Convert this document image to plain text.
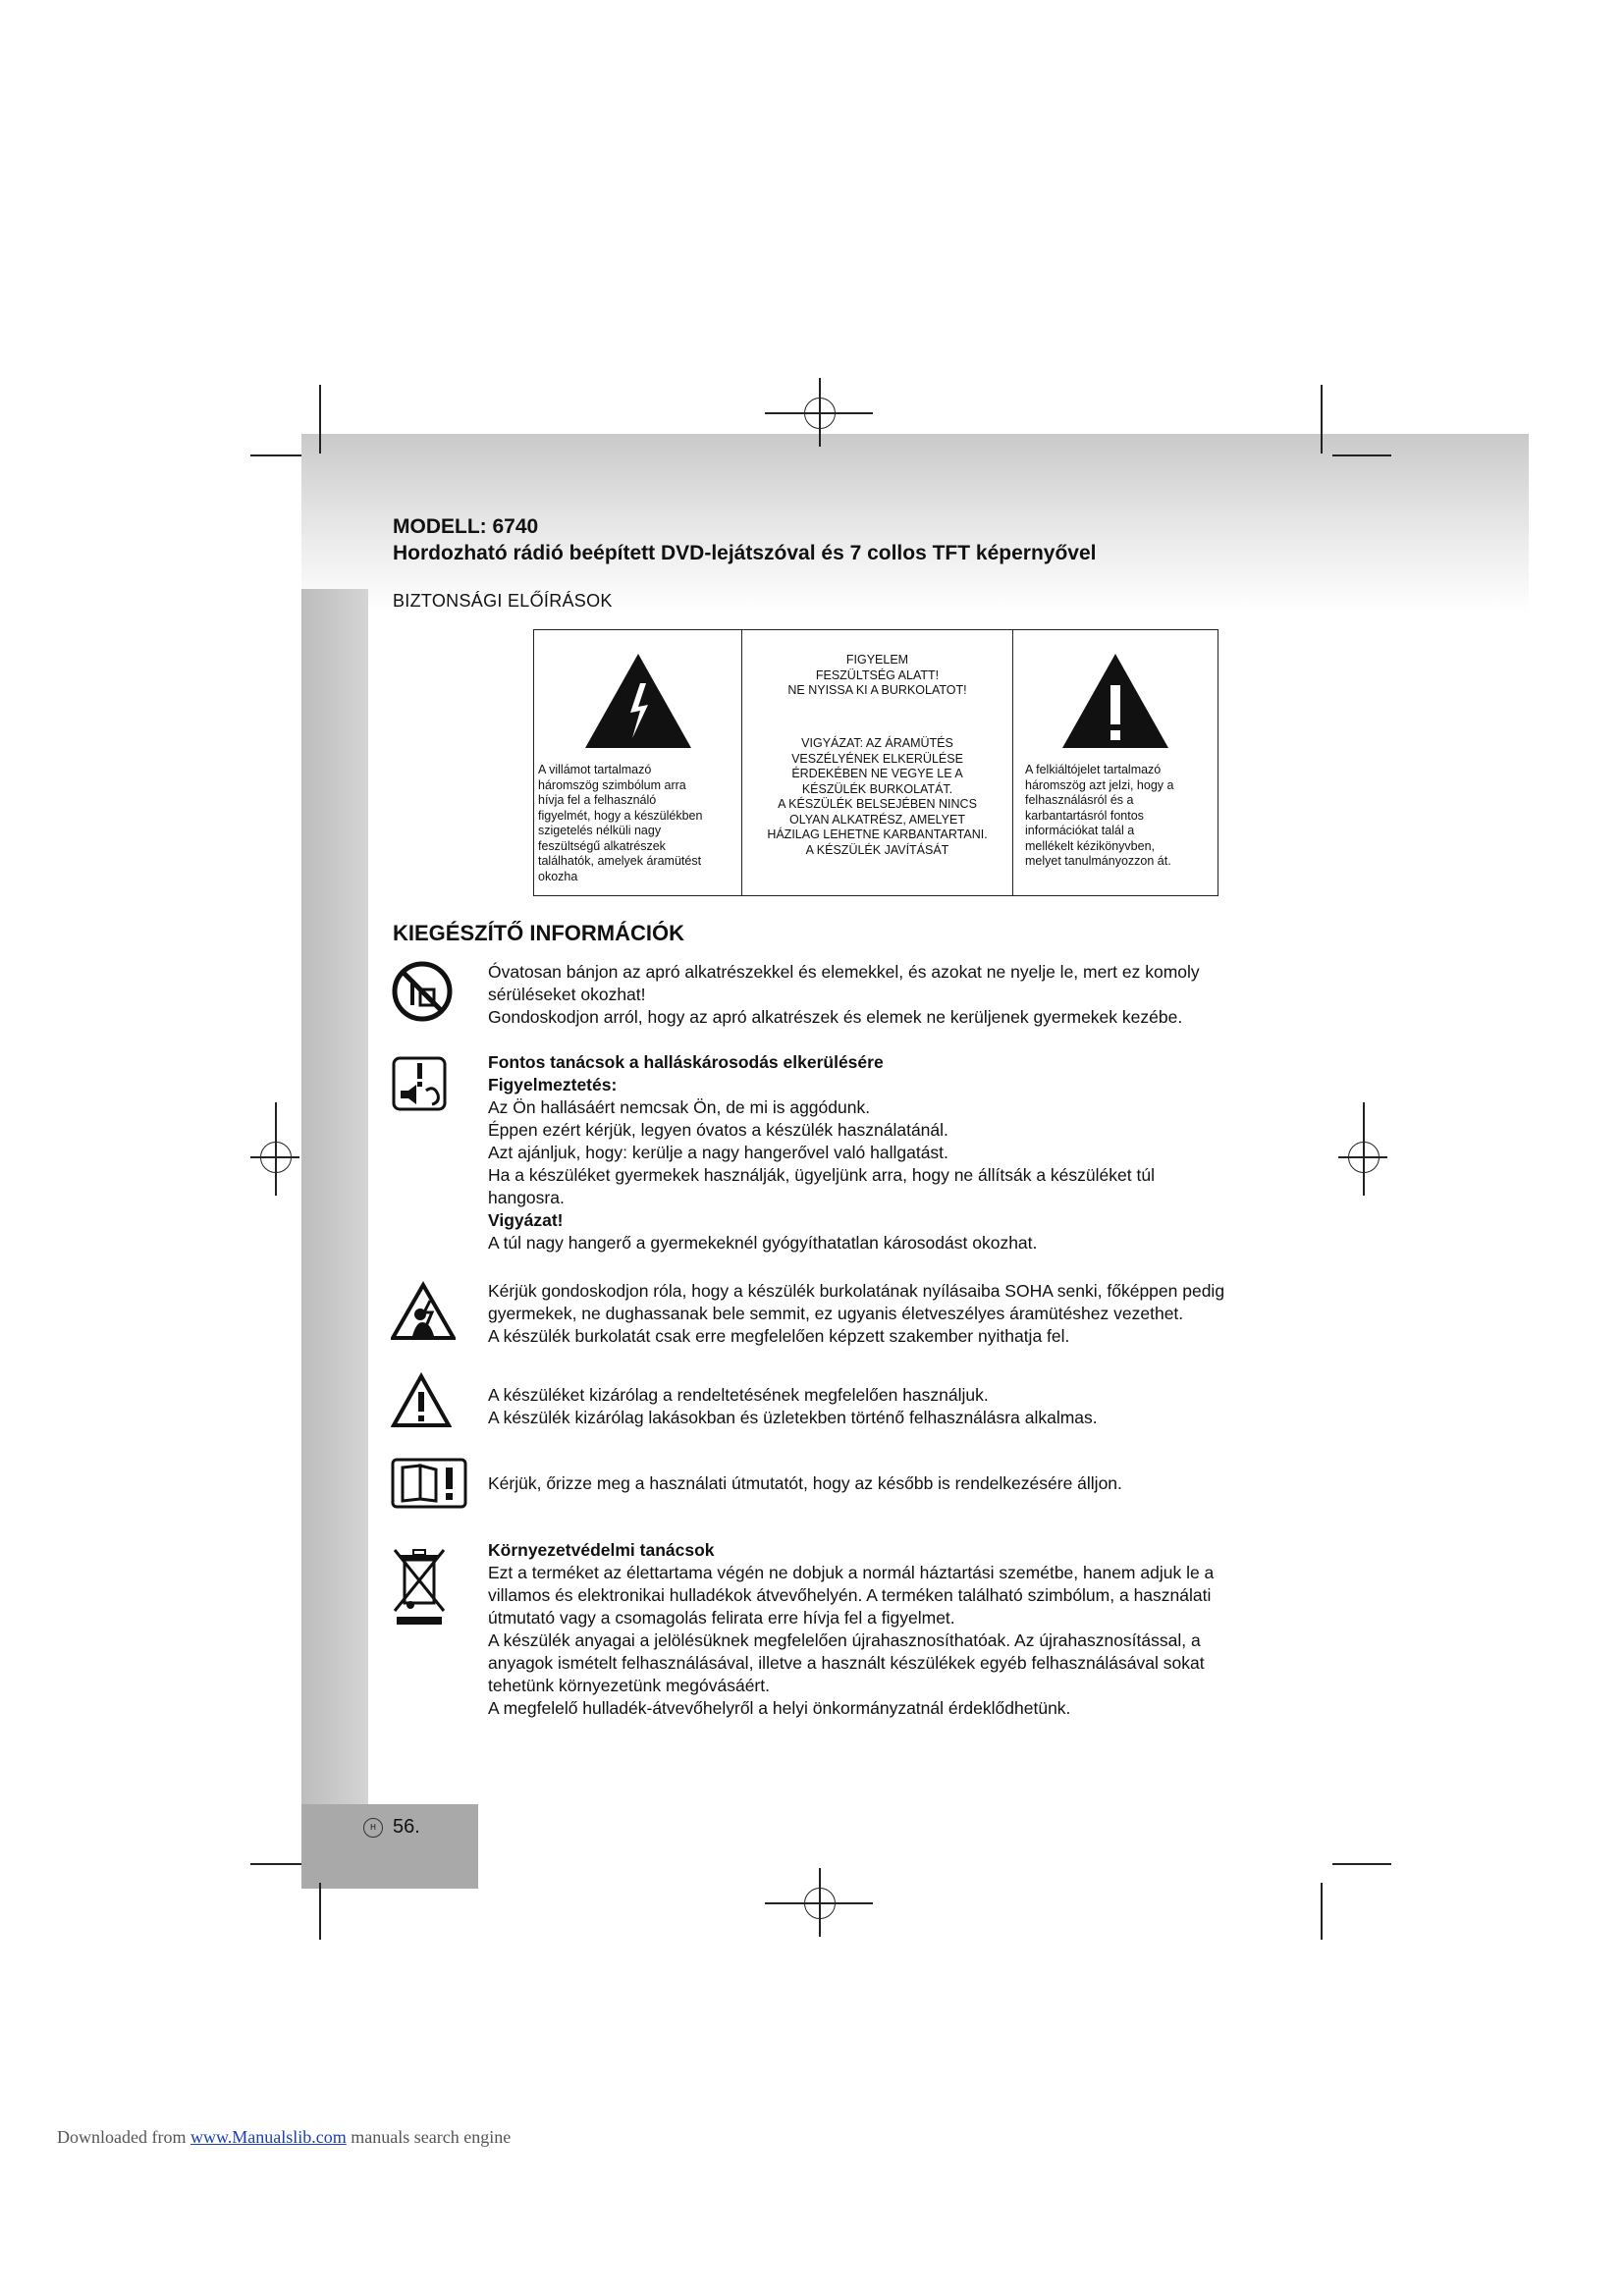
MODELL: 6740
Hordozható rádió beépített DVD-lejátszóval és 7 collos TFT képernyővel
BIZTONSÁGI ELŐÍRÁSOK
A villámot tartalmazó
háromszög szimbólum arra
hívja fel a felhasználó
figyelmét, hogy a készülékben
szigetelés nélküli nagy
feszültségű alkatrészek
találhatók, amelyek áramütést
okozha
FIGYELEM
FESZÜLTSÉG ALATT!
NE NYISSA KI A BURKOLATOT!
VIGYÁZAT: AZ ÁRAMÜTÉS
VESZÉLYÉNEK ELKERÜLÉSE
ÉRDEKÉBEN NE VEGYE LE A
KÉSZÜLÉK BURKOLATÁT.
A KÉSZÜLÉK BELSEJÉBEN NINCS
OLYAN ALKATRÉSZ, AMELYET
HÁZILAG LEHETNE KARBANTARTANI.
A KÉSZÜLÉK JAVÍTÁSÁT
A felkiáltójelet tartalmazó
háromszög azt jelzi, hogy a
felhasználásról és a
karbantartásról fontos
információkat talál a
mellékelt kézikönyvben,
melyet tanulmányozzon át.
KIEGÉSZÍTŐ INFORMÁCIÓK
Óvatosan bánjon az apró alkatrészekkel és elemekkel, és azokat ne nyelje le, mert ez komoly
sérüléseket okozhat!
Gondoskodjon arról, hogy az apró alkatrészek és elemek ne kerüljenek gyermekek kezébe.
Fontos tanácsok a halláskárosodás elkerülésére
Figyelmeztetés:
Az Ön hallásáért nemcsak Ön, de mi is aggódunk.
Éppen ezért kérjük, legyen óvatos a készülék használatánál.
Azt ajánljuk, hogy: kerülje a nagy hangerővel való hallgatást.
Ha a készüléket gyermekek használják, ügyeljünk arra, hogy ne állítsák a készüléket túl
hangosra.
Vigyázat!
A túl nagy hangerő a gyermekeknél gyógyíthatatlan károsodást okozhat.
Kérjük gondoskodjon róla, hogy a készülék burkolatának nyílásaiba SOHA senki, főképpen pedig
gyermekek, ne dughassanak bele semmit, ez ugyanis életveszélyes áramütéshez vezethet.
A készülék burkolatát csak erre megfelelően képzett szakember nyithatja fel.
A készüléket kizárólag a rendeltetésének megfelelően használjuk.
A készülék kizárólag lakásokban és üzletekben történő felhasználásra alkalmas.
Kérjük, őrizze meg a használati útmutatót, hogy az később is rendelkezésére álljon.
Környezetvédelmi tanácsok
Ezt a terméket az élettartama végén ne dobjuk a normál háztartási szemétbe, hanem adjuk le a
villamos és elektronikai hulladékok átvevőhelyén. A terméken található szimbólum, a használati
útmutató vagy a csomagolás felirata erre hívja fel a figyelmet.
A készülék anyagai a jelölésüknek megfelelően újrahasznosíthatóak. Az újrahasznosítással, a
anyagok ismételt felhasználásával, illetve a használt készülékek egyéb felhasználásával sokat
tehetünk környezetünk megóvásáért.
A megfelelő hulladék-átvevőhelyről a helyi önkormányzatnál érdeklődhetünk.
H 56.
Downloaded from www.Manualslib.com manuals search engine
